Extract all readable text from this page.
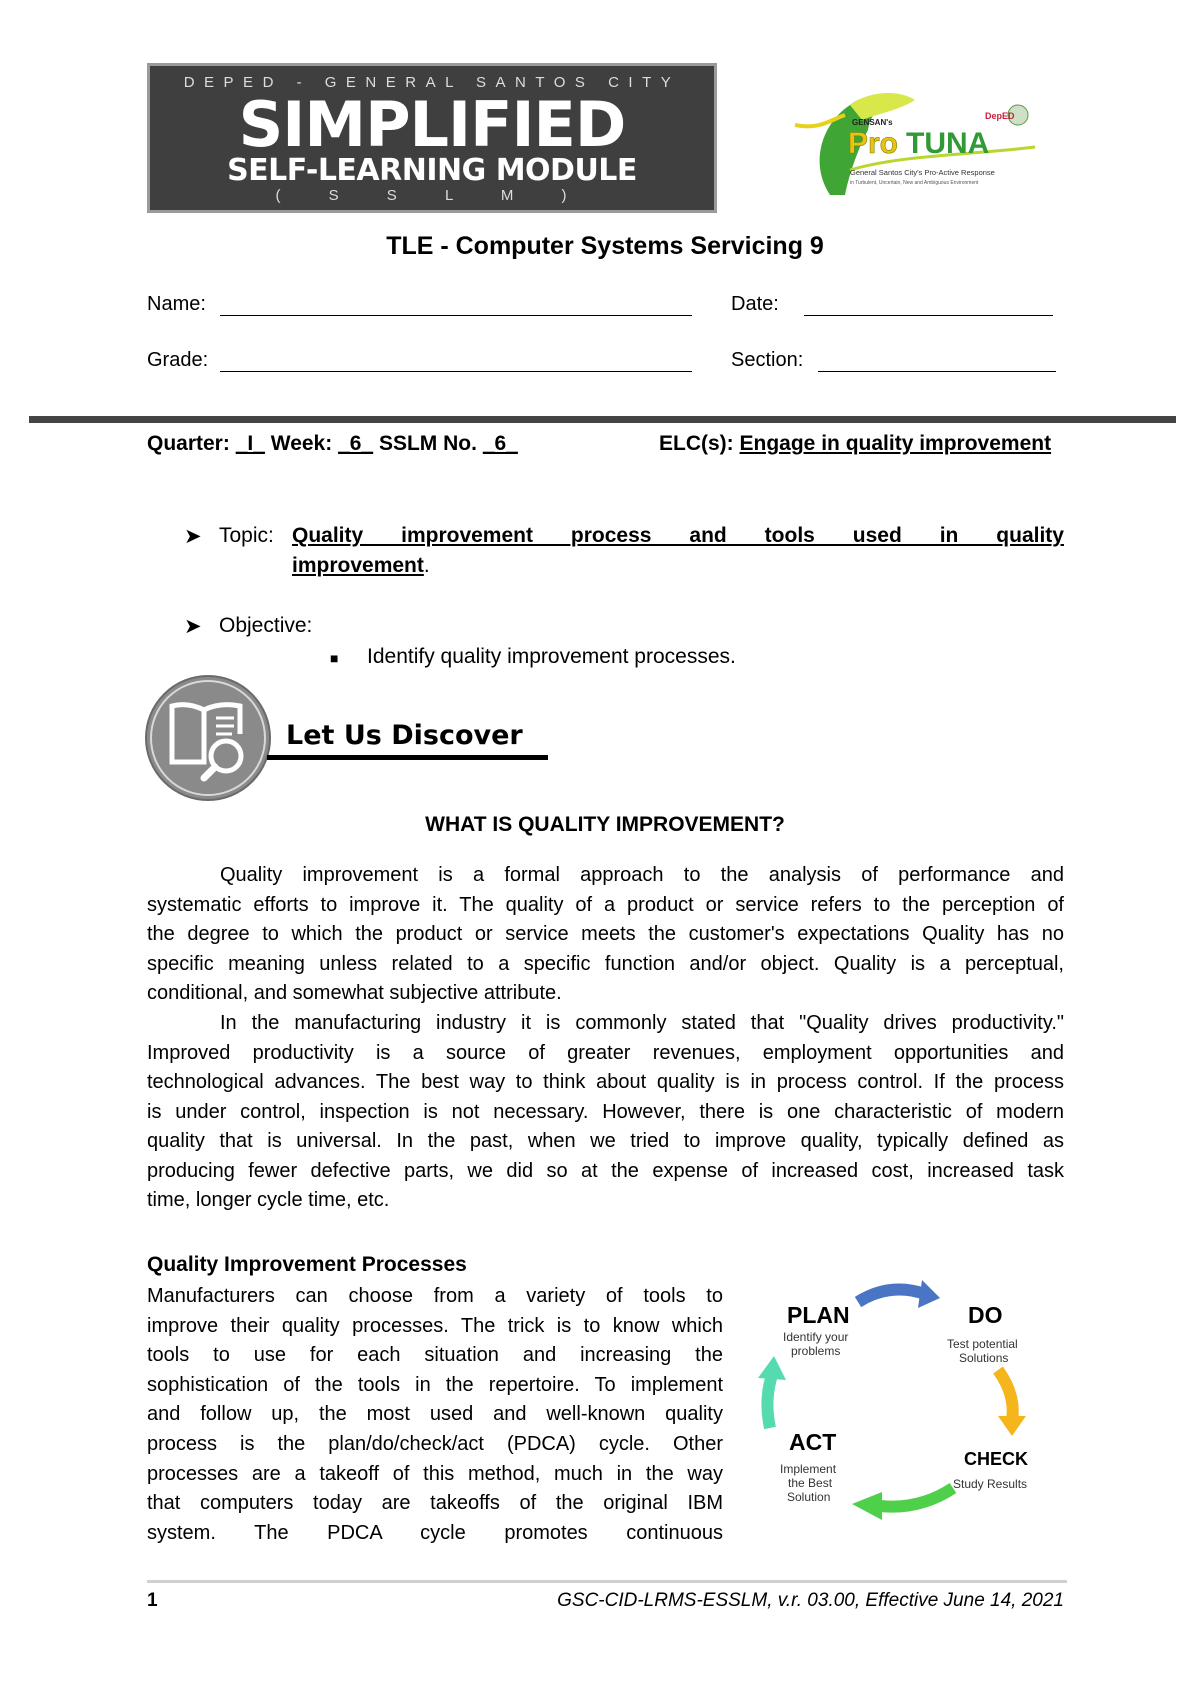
DEPED - GENERAL SANTOS CITY
SIMPLIFIED
SELF-LEARNING MODULE
( S S L M )
GENSAN's
DepED
Pro TUNA
General Santos City's Pro-Active Response
in Turbulent, Uncertain, New and Ambiguous Environment
TLE - Computer Systems Servicing 9
Name:	Date:
Grade:	Section:
Quarter: _I_ Week: _6_ SSLM No. _6_	ELC(s): Engage in quality improvement
➤ Topic: Quality improvement process and tools used in quality
improvement.
➤ Objective:
■ Identify quality improvement processes.
Let Us Discover
WHAT IS QUALITY IMPROVEMENT?
Quality improvement is a formal approach to the analysis of performance and
systematic efforts to improve it. The quality of a product or service refers to the perception of
the degree to which the product or service meets the customer's expectations Quality has no
specific meaning unless related to a specific function and/or object. Quality is a perceptual,
conditional, and somewhat subjective attribute.
In the manufacturing industry it is commonly stated that "Quality drives productivity."
Improved productivity is a source of greater revenues, employment opportunities and
technological advances. The best way to think about quality is in process control. If the process
is under control, inspection is not necessary. However, there is one characteristic of modern
quality that is universal. In the past, when we tried to improve quality, typically defined as
producing fewer defective parts, we did so at the expense of increased cost, increased task
time, longer cycle time, etc.
Quality Improvement Processes
Manufacturers can choose from a variety of tools to
improve their quality processes. The trick is to know which
tools to use for each situation and increasing the
sophistication of the tools in the repertoire. To implement
and follow up, the most used and well-known quality
process is the plan/do/check/act (PDCA) cycle. Other
processes are a takeoff of this method, much in the way
that computers today are takeoffs of the original IBM
system. The PDCA cycle promotes continuous
PLAN
Identify your
problems
DO
Test potential
Solutions
CHECK
Study Results
ACT
Implement
the Best
Solution
1	GSC-CID-LRMS-ESSLM, v.r. 03.00, Effective June 14, 2021
